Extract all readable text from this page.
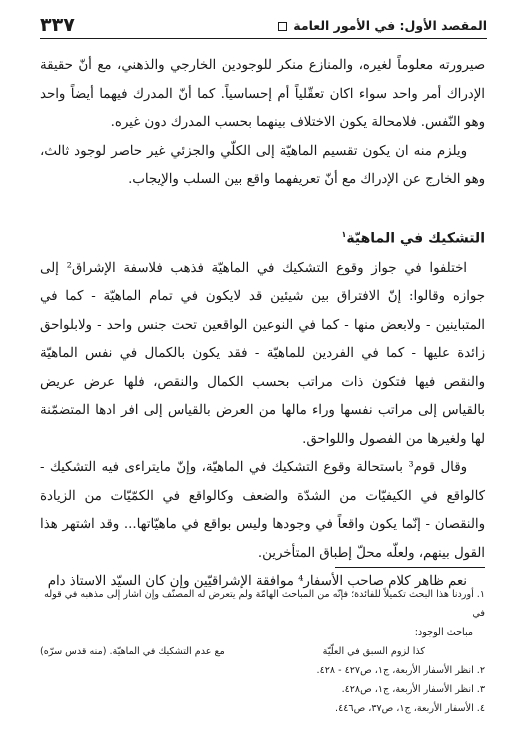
المقصد الأول: في الأمور العامة
٣٣٧

صيرورته معلوماً لغيره، والمنازع منكر للوجودين الخارجي والذهني، مع أنّ حقيقة الإدراك أمر واحد سواء اكان تعقّلياً أم إحساسياً. كما أنّ المدرك فيهما أيضاً واحد وهو النّفس. فلامحالة يكون الاختلاف بينهما بحسب المدرك دون غيره.

ويلزم منه ان يكون تقسيم الماهيّة إلى الكلّي والجزئي غير حاصر لوجود ثالث، وهو الخارج عن الإدراك مع أنّ تعريفهما واقع بين السلب والإيجاب.

التشكيك في الماهيّة$^١$

اختلفوا في جواز وقوع التشكيك في الماهيّة فذهب فلاسفة الإشراق² إلى جوازه وقالوا: إنّ الافتراق بين شيئين قد لايكون في تمام الماهيّة - كما في المتباينين - ولابعض منها - كما في النوعين الواقعين تحت جنس واحد - ولابلواحق زائدة عليها - كما في الفردين للماهيّة - فقد يكون بالكمال في نفس الماهيّة والنقص فيها فتكون ذات مراتب بحسب الكمال والنقص، فلها عرض عريض بالقياس إلى مراتب نفسها وراء مالها من العرض بالقياس إلى افر ادها المتضمّنة لها ولغيرها من الفصول واللواحق.

وقال قوم³ باستحالة وقوع التشكيك في الماهيّة، وإنّ مايتراءى فيه التشكيك - كالواقع في الكيفيّات من الشدّة والضعف وكالواقع في الكمّيّات من الزيادة والنقصان - إنّما يكون واقعاً في وجودها وليس بواقع في ماهيّاتها... وقد اشتهر هذا القول بينهم، ولعلّه محلّ إطباق المتأخرين.

نعم ظاهر كلام صاحب الأسفار⁴ موافقة الإشراقيّين وإن كان السيّد الاستاذ دام

١. أوردنا هذا البحث تكميلاً للفائدة؛ فإنّه من المباحث الهامّة ولم يتعرض له المصنّف وإن اشار إلى مذهبه في قوله في

مباحث الوجود:

كذا لزوم السبق في العلّيّة
مع عدم التشكيك في الماهيّة. (منه قدس سرّه)

٢. انظر الأسفار الأربعة، ج١، ص٤٢٧ - ٤٢٨.

٣. انظر الأسفار الأربعة، ج١، ص٤٢٨.

٤. الأسفار الأربعة، ج١، ص٣٧، ص٤٤٦.
